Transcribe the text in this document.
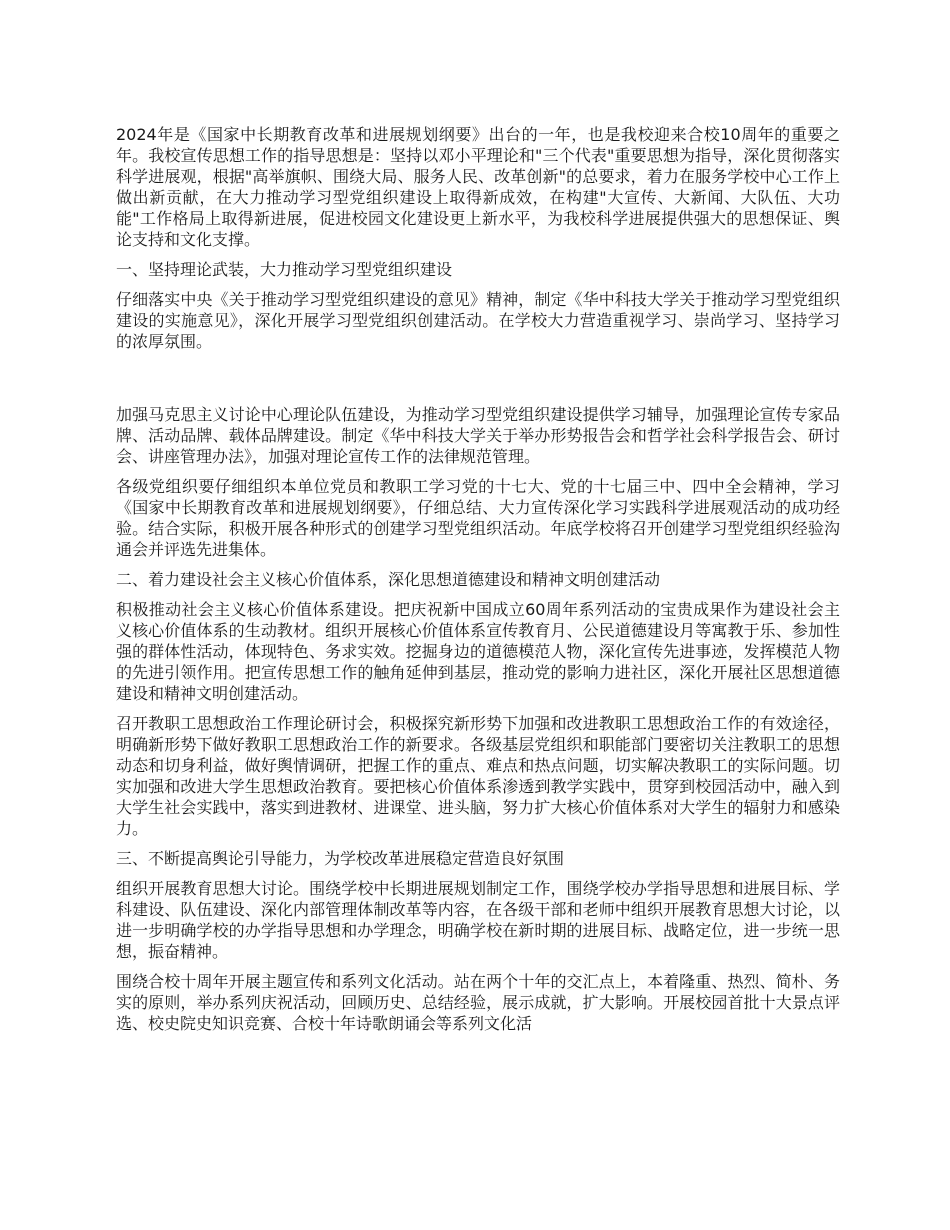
2024年是《国家中长期教育改革和进展规划纲要》出台的一年，也是我校迎来合校10周年的重要之年。我校宣传思想工作的指导思想是：坚持以邓小平理论和"三个代表"重要思想为指导，深化贯彻落实科学进展观，根据"高举旗帜、围绕大局、服务人民、改革创新"的总要求，着力在服务学校中心工作上做出新贡献，在大力推动学习型党组织建设上取得新成效，在构建"大宣传、大新闻、大队伍、大功能"工作格局上取得新进展，促进校园文化建设更上新水平，为我校科学进展提供强大的思想保证、舆论支持和文化支撑。

一、坚持理论武装，大力推动学习型党组织建设

仔细落实中央《关于推动学习型党组织建设的意见》精神，制定《华中科技大学关于推动学习型党组织建设的实施意见》，深化开展学习型党组织创建活动。在学校大力营造重视学习、崇尚学习、坚持学习的浓厚氛围。

加强马克思主义讨论中心理论队伍建设，为推动学习型党组织建设提供学习辅导，加强理论宣传专家品牌、活动品牌、载体品牌建设。制定《华中科技大学关于举办形势报告会和哲学社会科学报告会、研讨会、讲座管理办法》，加强对理论宣传工作的法律规范管理。

各级党组织要仔细组织本单位党员和教职工学习党的十七大、党的十七届三中、四中全会精神，学习《国家中长期教育改革和进展规划纲要》，仔细总结、大力宣传深化学习实践科学进展观活动的成功经验。结合实际，积极开展各种形式的创建学习型党组织活动。年底学校将召开创建学习型党组织经验沟通会并评选先进集体。

二、着力建设社会主义核心价值体系，深化思想道德建设和精神文明创建活动

积极推动社会主义核心价值体系建设。把庆祝新中国成立60周年系列活动的宝贵成果作为建设社会主义核心价值体系的生动教材。组织开展核心价值体系宣传教育月、公民道德建设月等寓教于乐、参加性强的群体性活动，体现特色、务求实效。挖掘身边的道德模范人物，深化宣传先进事迹，发挥模范人物的先进引领作用。把宣传思想工作的触角延伸到基层，推动党的影响力进社区，深化开展社区思想道德建设和精神文明创建活动。

召开教职工思想政治工作理论研讨会，积极探究新形势下加强和改进教职工思想政治工作的有效途径，明确新形势下做好教职工思想政治工作的新要求。各级基层党组织和职能部门要密切关注教职工的思想动态和切身利益，做好舆情调研，把握工作的重点、难点和热点问题，切实解决教职工的实际问题。切实加强和改进大学生思想政治教育。要把核心价值体系渗透到教学实践中，贯穿到校园活动中，融入到大学生社会实践中，落实到进教材、进课堂、进头脑，努力扩大核心价值体系对大学生的辐射力和感染力。

三、不断提高舆论引导能力，为学校改革进展稳定营造良好氛围

组织开展教育思想大讨论。围绕学校中长期进展规划制定工作，围绕学校办学指导思想和进展目标、学科建设、队伍建设、深化内部管理体制改革等内容，在各级干部和老师中组织开展教育思想大讨论，以进一步明确学校的办学指导思想和办学理念，明确学校在新时期的进展目标、战略定位，进一步统一思想，振奋精神。

围绕合校十周年开展主题宣传和系列文化活动。站在两个十年的交汇点上，本着隆重、热烈、简朴、务实的原则，举办系列庆祝活动，回顾历史、总结经验，展示成就，扩大影响。开展校园首批十大景点评选、校史院史知识竞赛、合校十年诗歌朗诵会等系列文化活
